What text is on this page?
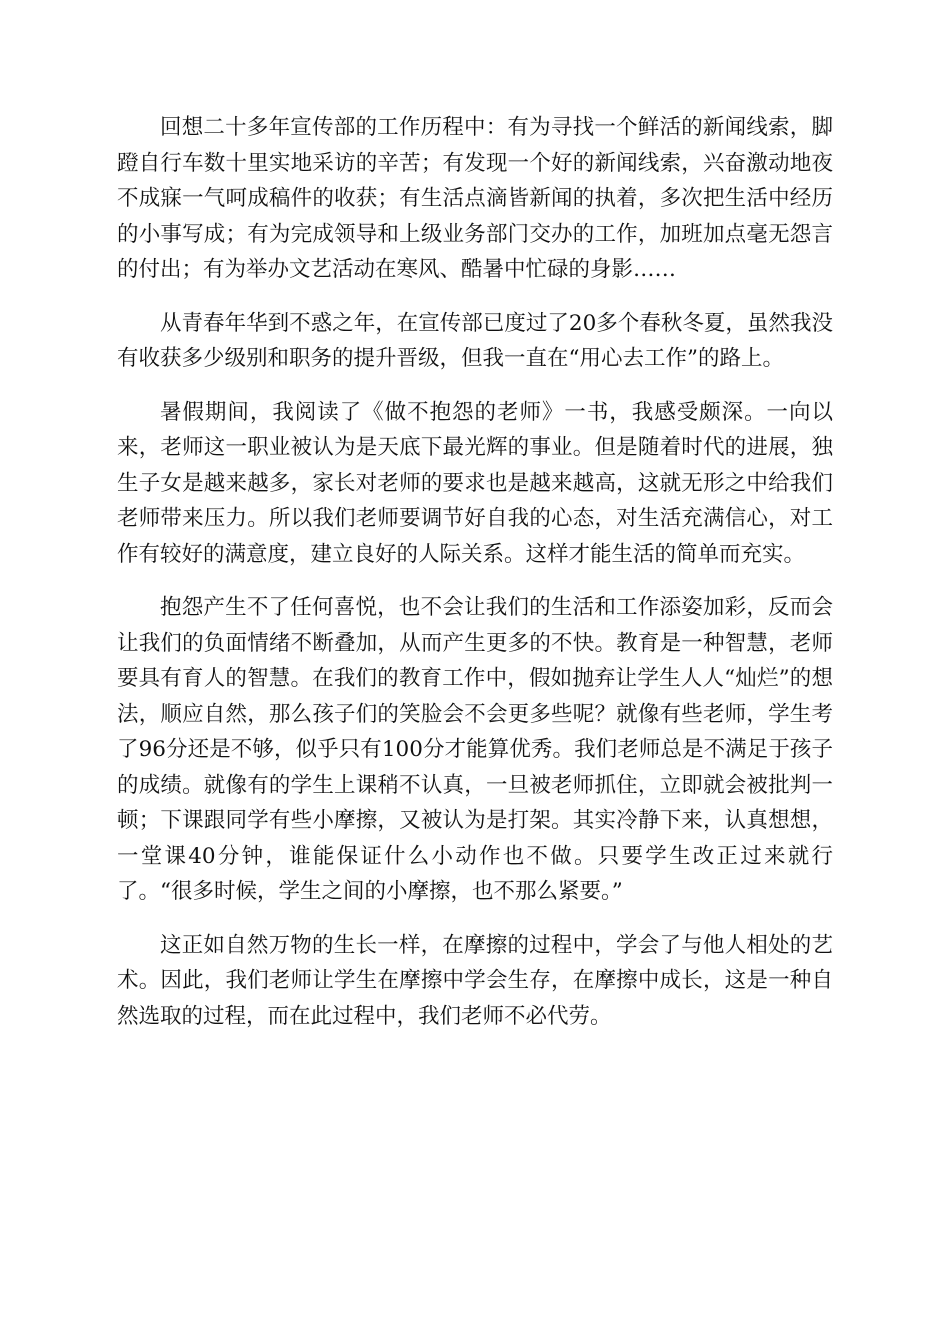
回想二十多年宣传部的工作历程中：有为寻找一个鲜活的新闻线索，脚蹬自行车数十里实地采访的辛苦；有发现一个好的新闻线索，兴奋激动地夜不成寐一气呵成稿件的收获；有生活点滴皆新闻的执着，多次把生活中经历的小事写成；有为完成领导和上级业务部门交办的工作，加班加点毫无怨言的付出；有为举办文艺活动在寒风、酷暑中忙碌的身影……

从青春年华到不惑之年，在宣传部已度过了20多个春秋冬夏，虽然我没有收获多少级别和职务的提升晋级，但我一直在“用心去工作”的路上。

暑假期间，我阅读了《做不抱怨的老师》一书，我感受颇深。一向以来，老师这一职业被认为是天底下最光辉的事业。但是随着时代的进展，独生子女是越来越多，家长对老师的要求也是越来越高，这就无形之中给我们老师带来压力。所以我们老师要调节好自我的心态，对生活充满信心，对工作有较好的满意度，建立良好的人际关系。这样才能生活的简单而充实。

抱怨产生不了任何喜悦，也不会让我们的生活和工作添姿加彩，反而会让我们的负面情绪不断叠加，从而产生更多的不快。教育是一种智慧，老师要具有育人的智慧。在我们的教育工作中，假如抛弃让学生人人“灿烂”的想法，顺应自然，那么孩子们的笑脸会不会更多些呢？就像有些老师，学生考了96分还是不够，似乎只有100分才能算优秀。我们老师总是不满足于孩子的成绩。就像有的学生上课稍不认真，一旦被老师抓住，立即就会被批判一顿；下课跟同学有些小摩擦，又被认为是打架。其实冷静下来，认真想想，一堂课40分钟，谁能保证什么小动作也不做。只要学生改正过来就行了。“很多时候，学生之间的小摩擦，也不那么紧要。”

这正如自然万物的生长一样，在摩擦的过程中，学会了与他人相处的艺术。因此，我们老师让学生在摩擦中学会生存，在摩擦中成长，这是一种自然选取的过程，而在此过程中，我们老师不必代劳。
